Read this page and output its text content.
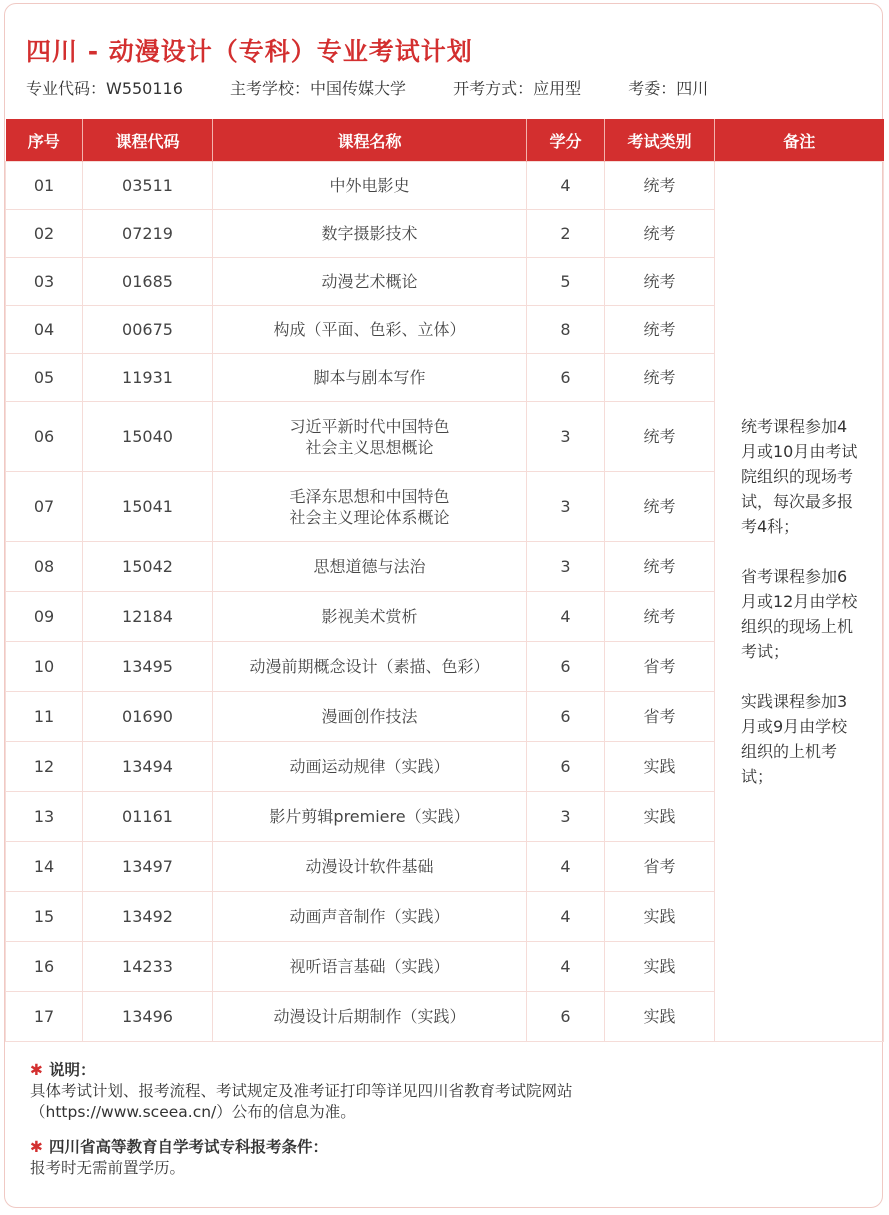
四川 - 动漫设计（专科）专业考试计划
专业代码：W550116	主考学校：中国传媒大学	开考方式：应用型	考委：四川
序号	课程代码	课程名称	学分	考试类别	备注
01	03511	中外电影史	4	统考	统考课程参加4月或10月由考试院组织的现场考试，每次最多报考4科；

省考课程参加6月或12月由学校组织的现场上机考试；

实践课程参加3月或9月由学校组织的上机考试；

02	07219	数字摄影技术	2	统考	
03	01685	动漫艺术概论	5	统考	
04	00675	构成（平面、色彩、立体）	8	统考	
05	11931	脚本与剧本写作	6	统考	
06	15040	习近平新时代中国特色
社会主义思想概论	3	统考	
07	15041	毛泽东思想和中国特色
社会主义理论体系概论	3	统考	
08	15042	思想道德与法治	3	统考	
09	12184	影视美术赏析	4	统考	
10	13495	动漫前期概念设计（素描、色彩）	6	省考	
11	01690	漫画创作技法	6	省考	
12	13494	动画运动规律（实践）	6	实践	
13	01161	影片剪辑premiere（实践）	3	实践	
14	13497	动漫设计软件基础	4	省考	
15	13492	动画声音制作（实践）	4	实践	
16	14233	视听语言基础（实践）	4	实践	
17	13496	动漫设计后期制作（实践）	6	实践	
✱ 说明：
具体考试计划、报考流程、考试规定及准考证打印等详见四川省教育考试院网站
（https://www.sceea.cn/）公布的信息为准。
✱ 四川省高等教育自学考试专科报考条件：
报考时无需前置学历。
